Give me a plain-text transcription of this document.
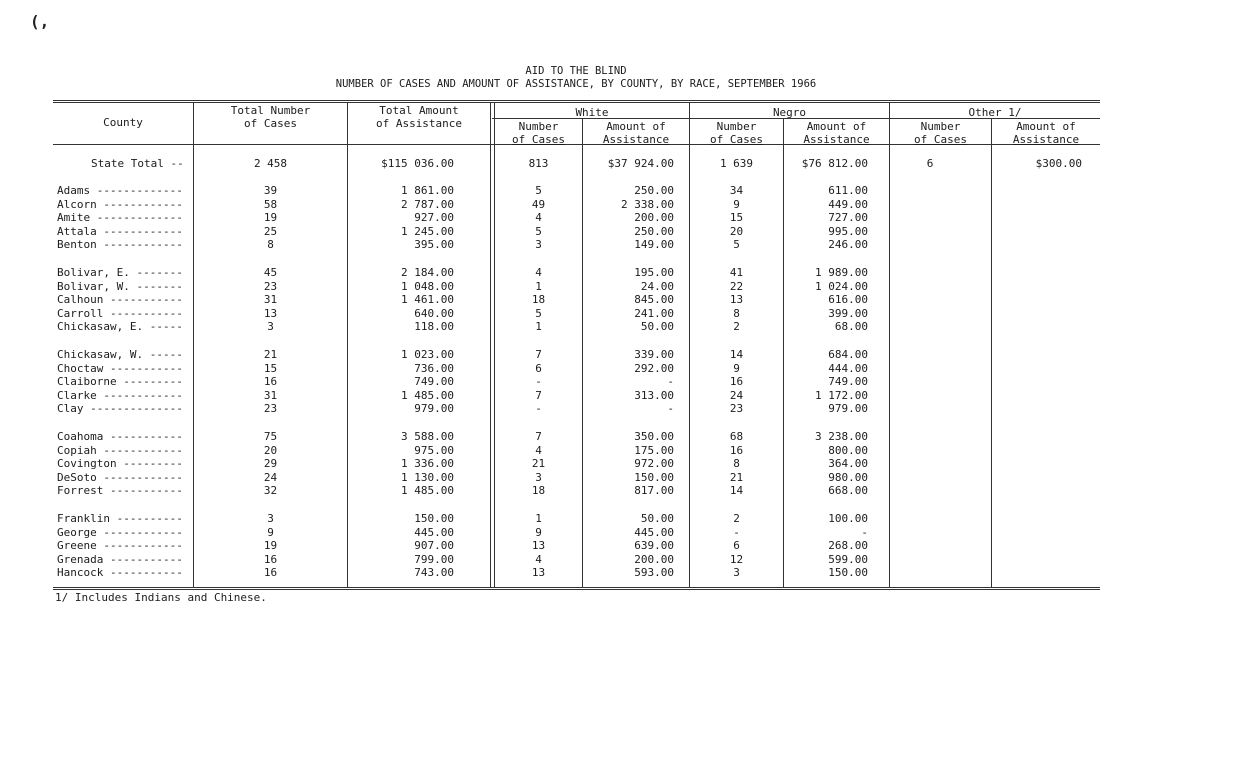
(,
AID TO THE BLIND
NUMBER OF CASES AND AMOUNT OF ASSISTANCE, BY COUNTY, BY RACE, SEPTEMBER 1966
County
Total Number
of Cases
Total Amount
of Assistance
White	Negro	Other 1/
Number
of Cases
Amount of
Assistance
Number
of Cases
Amount of
Assistance
Number
of Cases
Amount of
Assistance
State Total --	2 458	$115 036.00	813	$37 924.00	1 639	$76 812.00	6	$300.00
Adams -------------	39	1 861.00	5	250.00	34	611.00
Alcorn ------------	58	2 787.00	49	2 338.00	9	449.00
Amite -------------	19	927.00	4	200.00	15	727.00
Attala ------------	25	1 245.00	5	250.00	20	995.00
Benton ------------	8	395.00	3	149.00	5	246.00
Bolivar, E. -------	45	2 184.00	4	195.00	41	1 989.00
Bolivar, W. -------	23	1 048.00	1	24.00	22	1 024.00
Calhoun -----------	31	1 461.00	18	845.00	13	616.00
Carroll -----------	13	640.00	5	241.00	8	399.00
Chickasaw, E. -----	3	118.00	1	50.00	2	68.00
Chickasaw, W. -----	21	1 023.00	7	339.00	14	684.00
Choctaw -----------	15	736.00	6	292.00	9	444.00
Claiborne ---------	16	749.00	-	-	16	749.00
Clarke ------------	31	1 485.00	7	313.00	24	1 172.00
Clay --------------	23	979.00	-	-	23	979.00
Coahoma -----------	75	3 588.00	7	350.00	68	3 238.00
Copiah ------------	20	975.00	4	175.00	16	800.00
Covington ---------	29	1 336.00	21	972.00	8	364.00
DeSoto ------------	24	1 130.00	3	150.00	21	980.00
Forrest -----------	32	1 485.00	18	817.00	14	668.00
Franklin ----------	3	150.00	1	50.00	2	100.00
George ------------	9	445.00	9	445.00	-	-
Greene ------------	19	907.00	13	639.00	6	268.00
Grenada -----------	16	799.00	4	200.00	12	599.00
Hancock -----------	16	743.00	13	593.00	3	150.00
1/ Includes Indians and Chinese.
